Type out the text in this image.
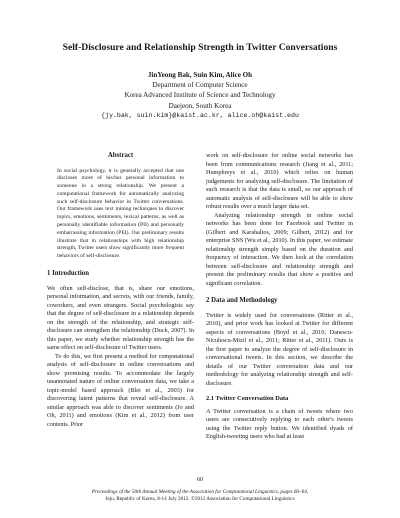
Self-Disclosure and Relationship Strength in Twitter Conversations
JinYeong Bak, Suin Kim, Alice Oh
Department of Computer Science
Korea Advanced Institute of Science and Technology
Daejeon, South Korea
{jy.bak, suin.kim}@kaist.ac.kr, alice.oh@kaist.edu
Abstract

In social psychology, it is generally accepted that one discloses more of his/her personal information to someone in a strong relationship. We present a computational framework for automatically analyzing such self-disclosure behavior in Twitter conversations. Our framework uses text mining techniques to discover topics, emotions, sentiments, lexical patterns, as well as personally identifiable information (PII) and personally embarrassing information (PEI). Our preliminary results illustrate that in relationships with high relationship strength, Twitter users show significantly more frequent behaviors of self-disclosure.

1 Introduction

We often self-disclose, that is, share our emotions, personal information, and secrets, with our friends, family, coworkers, and even strangers. Social psychologists say that the degree of self-disclosure in a relationship depends on the strength of the relationship, and strategic self-disclosure can strengthen the relationship (Duck, 2007). In this paper, we study whether relationship strength has the same effect on self-disclosure of Twitter users.

To do this, we first present a method for computational analysis of self-disclosure in online conversations and show promising results. To accommodate the largely unannotated nature of online conversation data, we take a topic-model based approach (Blei et al., 2003) for discovering latent patterns that reveal self-disclosure. A similar approach was able to discover sentiments (Jo and Oh, 2011) and emotions (Kim et al., 2012) from user contents. Prior

work on self-disclosure for online social networks has been from communications research (Jiang et al., 2011; Humphreys et al., 2010) which relies on human judgements for analyzing self-disclosure. The limitation of such research is that the data is small, so our approach of automatic analysis of self-disclosure will be able to show robust results over a much larger data set.

Analyzing relationship strength in online social networks has been done for Facebook and Twitter in (Gilbert and Karahalios, 2009; Gilbert, 2012) and for enterprise SNS (Wu et al., 2010). In this paper, we estimate relationship strength simply based on the duration and frequency of interaction. We then look at the correlation between self-disclosure and relationship strength and present the preliminary results that show a positive and significant correlation.

2 Data and Methodology

Twitter is widely used for conversations (Ritter et al., 2010), and prior work has looked at Twitter for different aspects of conversations (Boyd et al., 2010; Danescu-Niculescu-Mizil et al., 2011; Ritter et al., 2011). Ours is the first paper to analyze the degree of self-disclosure in conversational tweets. In this section, we describe the details of our Twitter conversation data and our methodology for analyzing relationship strength and self-disclosure.

2.1 Twitter Conversation Data

A Twitter conversation is a chain of tweets where two users are consecutively replying to each other's tweets using the Twitter reply button. We identified dyads of English-tweeting users who had at least

60
Proceedings of the 50th Annual Meeting of the Association for Computational Linguistics, pages 60–64,
Jeju, Republic of Korea, 8-14 July 2012. ©2012 Association for Computational Linguistics
